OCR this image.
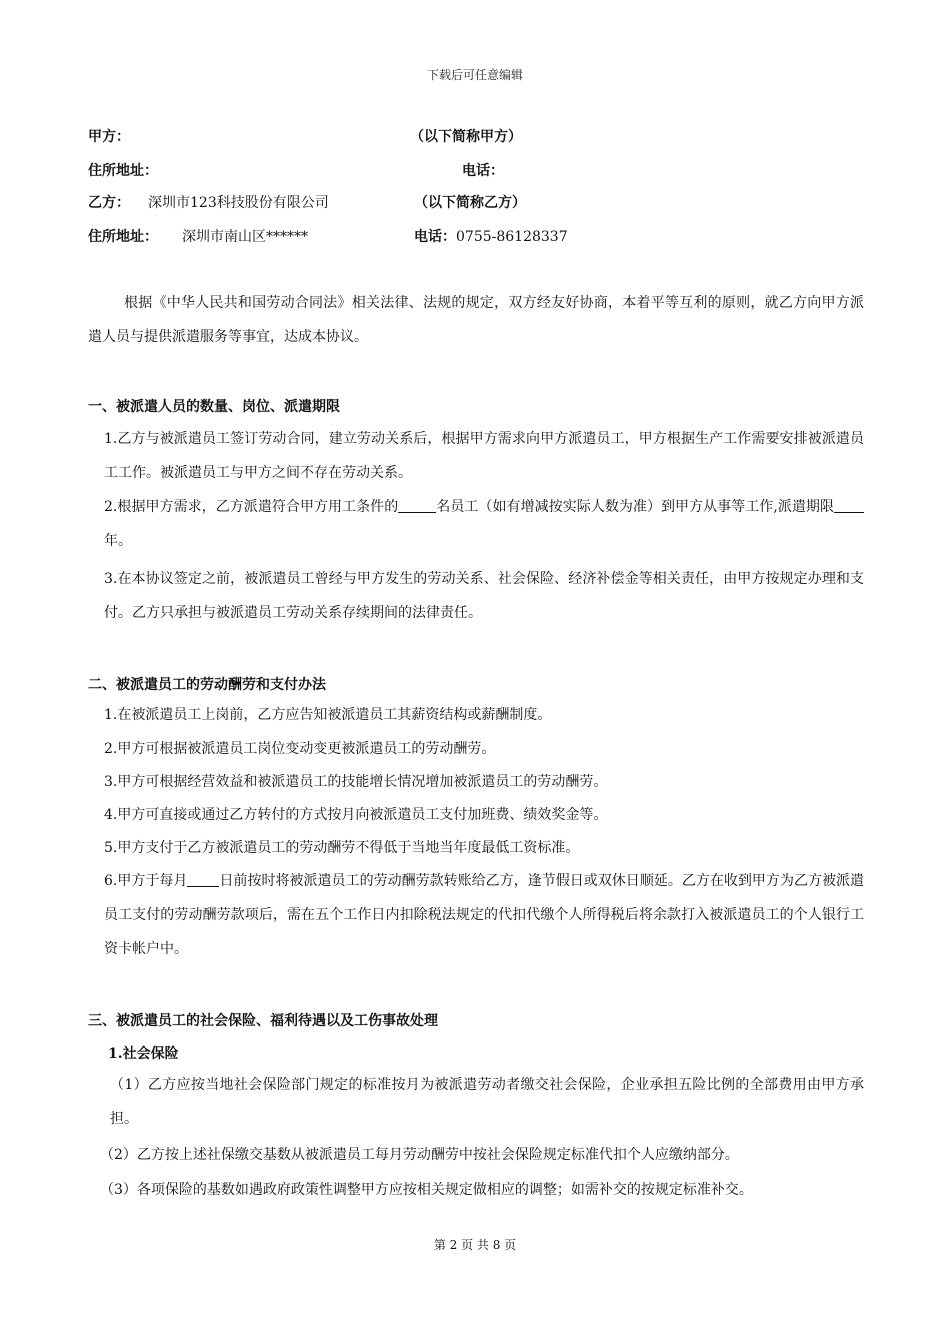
下载后可任意编辑
甲方：	（以下简称甲方）
住所地址：	电话：
乙方： 深圳市123科技股份有限公司	（以下简称乙方）
住所地址： 深圳市南山区******	电话：0755-86128337
根据《中华人民共和国劳动合同法》相关法律、法规的规定，双方经友好协商，本着平等互利的原则，就乙方向甲方派遣人员与提供派遣服务等事宜，达成本协议。
一、被派遣人员的数量、岗位、派遣期限
1.乙方与被派遣员工签订劳动合同，建立劳动关系后，根据甲方需求向甲方派遣员工，甲方根据生产工作需要安排被派遣员工工作。被派遣员工与甲方之间不存在劳动关系。
2.根据甲方需求，乙方派遣符合甲方用工条件的	名员工（如有增减按实际人数为准）到甲方从事等工作,派遣期限年。
3.在本协议签定之前，被派遣员工曾经与甲方发生的劳动关系、社会保险、经济补偿金等相关责任，由甲方按规定办理和支付。乙方只承担与被派遣员工劳动关系存续期间的法律责任。
二、被派遣员工的劳动酬劳和支付办法
1.在被派遣员工上岗前，乙方应告知被派遣员工其薪资结构或薪酬制度。
2.甲方可根据被派遣员工岗位变动变更被派遣员工的劳动酬劳。
3.甲方可根据经营效益和被派遣员工的技能增长情况增加被派遣员工的劳动酬劳。
4.甲方可直接或通过乙方转付的方式按月向被派遣员工支付加班费、绩效奖金等。
5.甲方支付于乙方被派遣员工的劳动酬劳不得低于当地当年度最低工资标准。
6.甲方于每月 日前按时将被派遣员工的劳动酬劳款转账给乙方，逢节假日或双休日顺延。乙方在收到甲方为乙方被派遣员工支付的劳动酬劳款项后，需在五个工作日内扣除税法规定的代扣代缴个人所得税后将余款打入被派遣员工的个人银行工资卡帐户中。
三、被派遣员工的社会保险、福利待遇以及工伤事故处理
1.社会保险
（1）乙方应按当地社会保险部门规定的标准按月为被派遣劳动者缴交社会保险，企业承担五险比例的全部费用由甲方承担。
（2）乙方按上述社保缴交基数从被派遣员工每月劳动酬劳中按社会保险规定标准代扣个人应缴纳部分。
（3）各项保险的基数如遇政府政策性调整甲方应按相关规定做相应的调整；如需补交的按规定标准补交。
第 2 页 共 8 页
